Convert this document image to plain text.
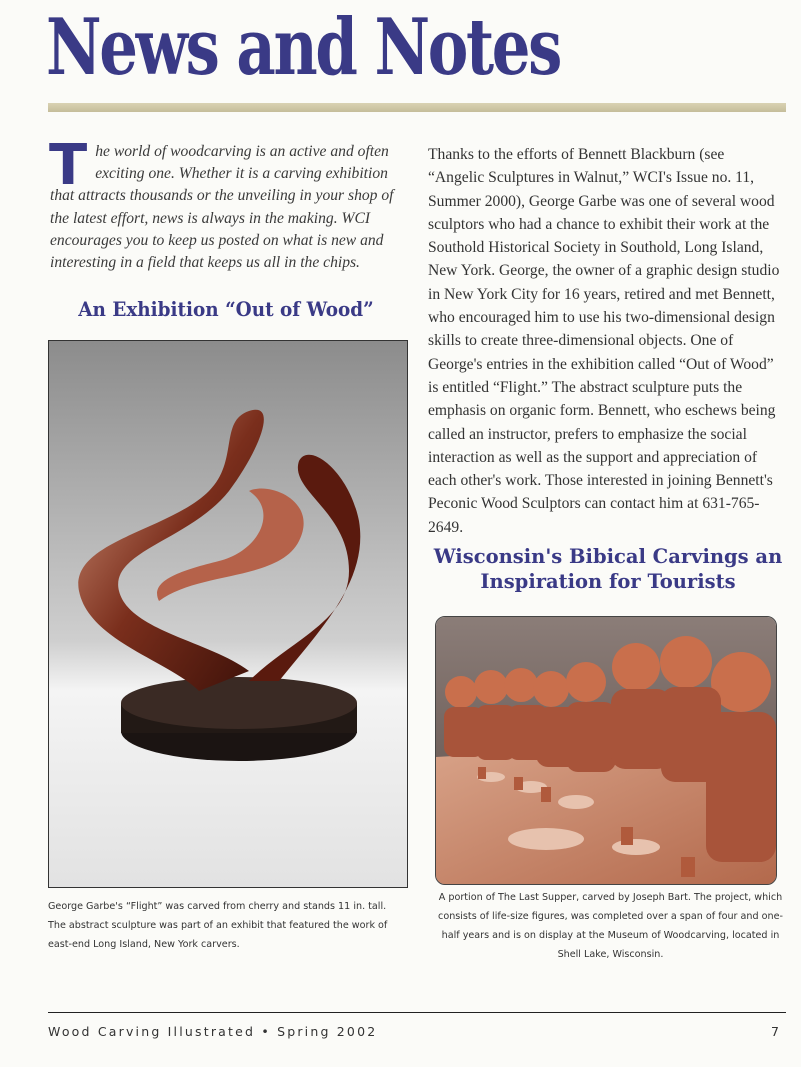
News and Notes
The world of woodcarving is an active and often exciting one. Whether it is a carving exhibition that attracts thousands or the unveiling in your shop of the latest effort, news is always in the making. WCI encourages you to keep us posted on what is new and interesting in a field that keeps us all in the chips.
An Exhibition “Out of Wood”
George Garbe's “Flight” was carved from cherry and stands 11 in. tall. The abstract sculpture was part of an exhibit that featured the work of east-end Long Island, New York carvers.
Thanks to the efforts of Bennett Blackburn (see “Angelic Sculptures in Walnut,” WCI's Issue no. 11, Summer 2000), George Garbe was one of several wood sculptors who had a chance to exhibit their work at the Southold Historical Society in Southold, Long Island, New York. George, the owner of a graphic design studio in New York City for 16 years, retired and met Bennett, who encouraged him to use his two-dimensional design skills to create three-dimensional objects. One of George's entries in the exhibition called “Out of Wood” is entitled “Flight.” The abstract sculpture puts the emphasis on organic form. Bennett, who eschews being called an instructor, prefers to emphasize the social interaction as well as the support and appreciation of each other's work. Those interested in joining Bennett's Peconic Wood Sculptors can contact him at 631-765-2649.
Wisconsin's Bibical Carvings an Inspiration for Tourists
A portion of The Last Supper, carved by Joseph Bart. The project, which consists of life-size figures, was completed over a span of four and one-half years and is on display at the Museum of Woodcarving, located in Shell Lake, Wisconsin.
Wood Carving Illustrated • Spring 2002	7
